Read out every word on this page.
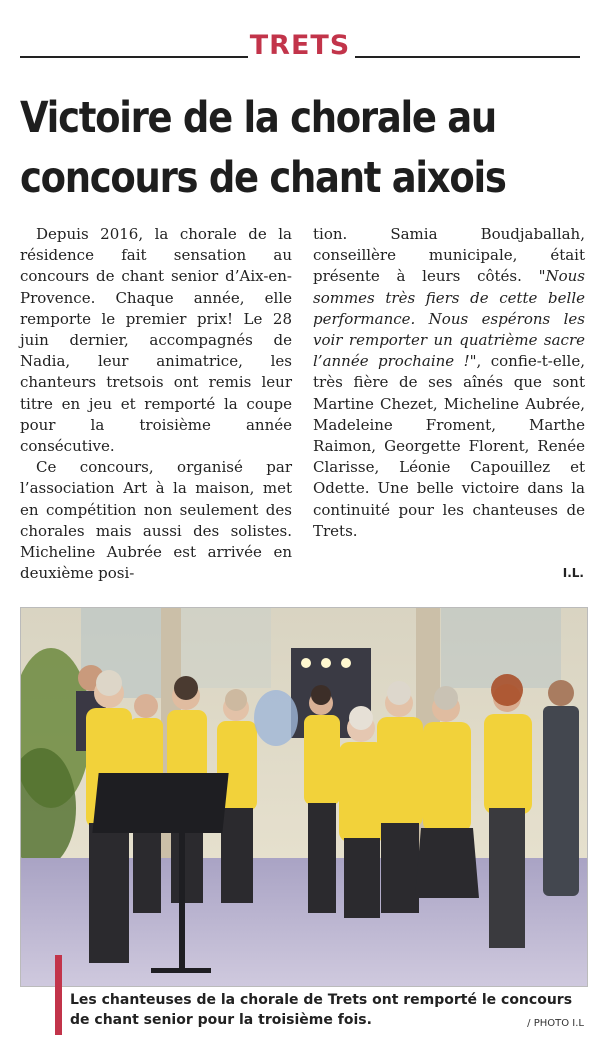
TRETS
Victoire de la chorale au
concours de chant aixois

Depuis 2016, la chorale de la résidence fait sensation au concours de chant senior d’Aix-en-Provence. Chaque année, elle remporte le premier prix! Le 28 juin dernier, accompagnés de Nadia, leur animatrice, les chanteurs tretsois ont remis leur titre en jeu et remporté la coupe pour la troisième année consécutive.

Ce concours, organisé par l’association Art à la maison, met en compétition non seulement des chorales mais aussi des solistes. Micheline Aubrée est arrivée en deuxième posi-

tion. Samia Boudjaballah, conseillère municipale, était présente à leurs côtés. "Nous sommes très fiers de cette belle performance. Nous espérons les voir remporter un quatrième sacre l’année prochaine !", confie-t-elle, très fière de ses aînés que sont Martine Chezet, Micheline Aubrée, Madeleine Froment, Marthe Raimon, Georgette Florent, Renée Clarisse, Léonie Capouillez et Odette. Une belle victoire dans la continuité pour les chanteuses de Trets.

I.L.
Les chanteuses de la chorale de Trets ont remporté le concours de chant senior pour la troisième fois.	/ PHOTO I.L
